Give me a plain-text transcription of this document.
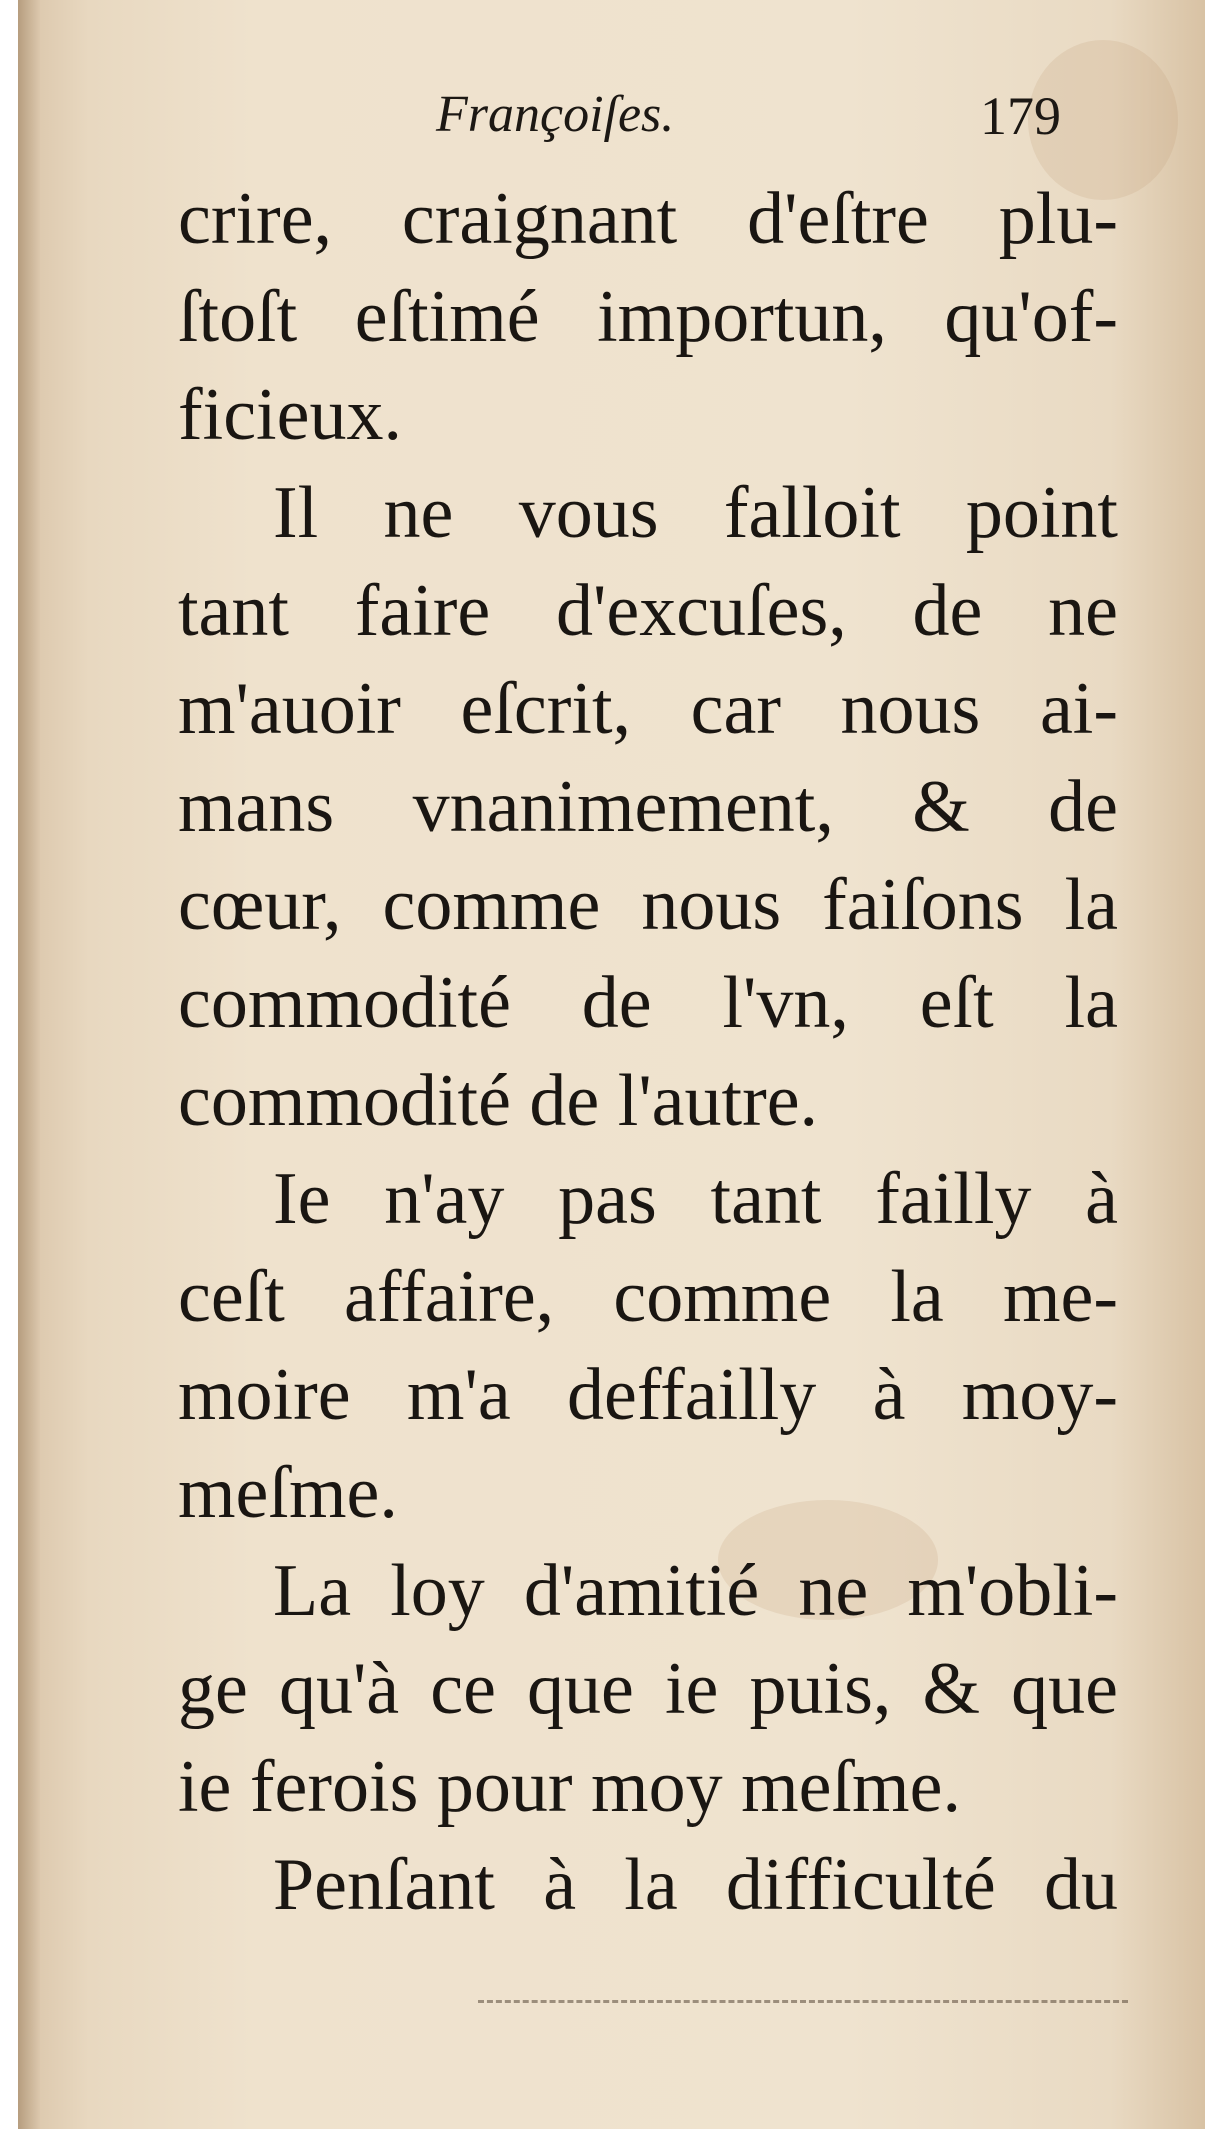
Françoiſes.	179
crire, craignant d'eſtre plu-
ſtoſt eſtimé importun, qu'of-
ficieux.
Il ne vous falloit point
tant faire d'excuſes, de ne
m'auoir eſcrit, car nous ai-
mans vnanimement, & de
cœur, comme nous faiſons la
commodité de l'vn, eſt la
commodité de l'autre.
Ie n'ay pas tant failly à
ceſt affaire, comme la me-
moire m'a deffailly à moy-
meſme.
La loy d'amitié ne m'obli-
ge qu'à ce que ie puis, & que
ie ferois pour moy meſme.
Penſant à la difficulté du
